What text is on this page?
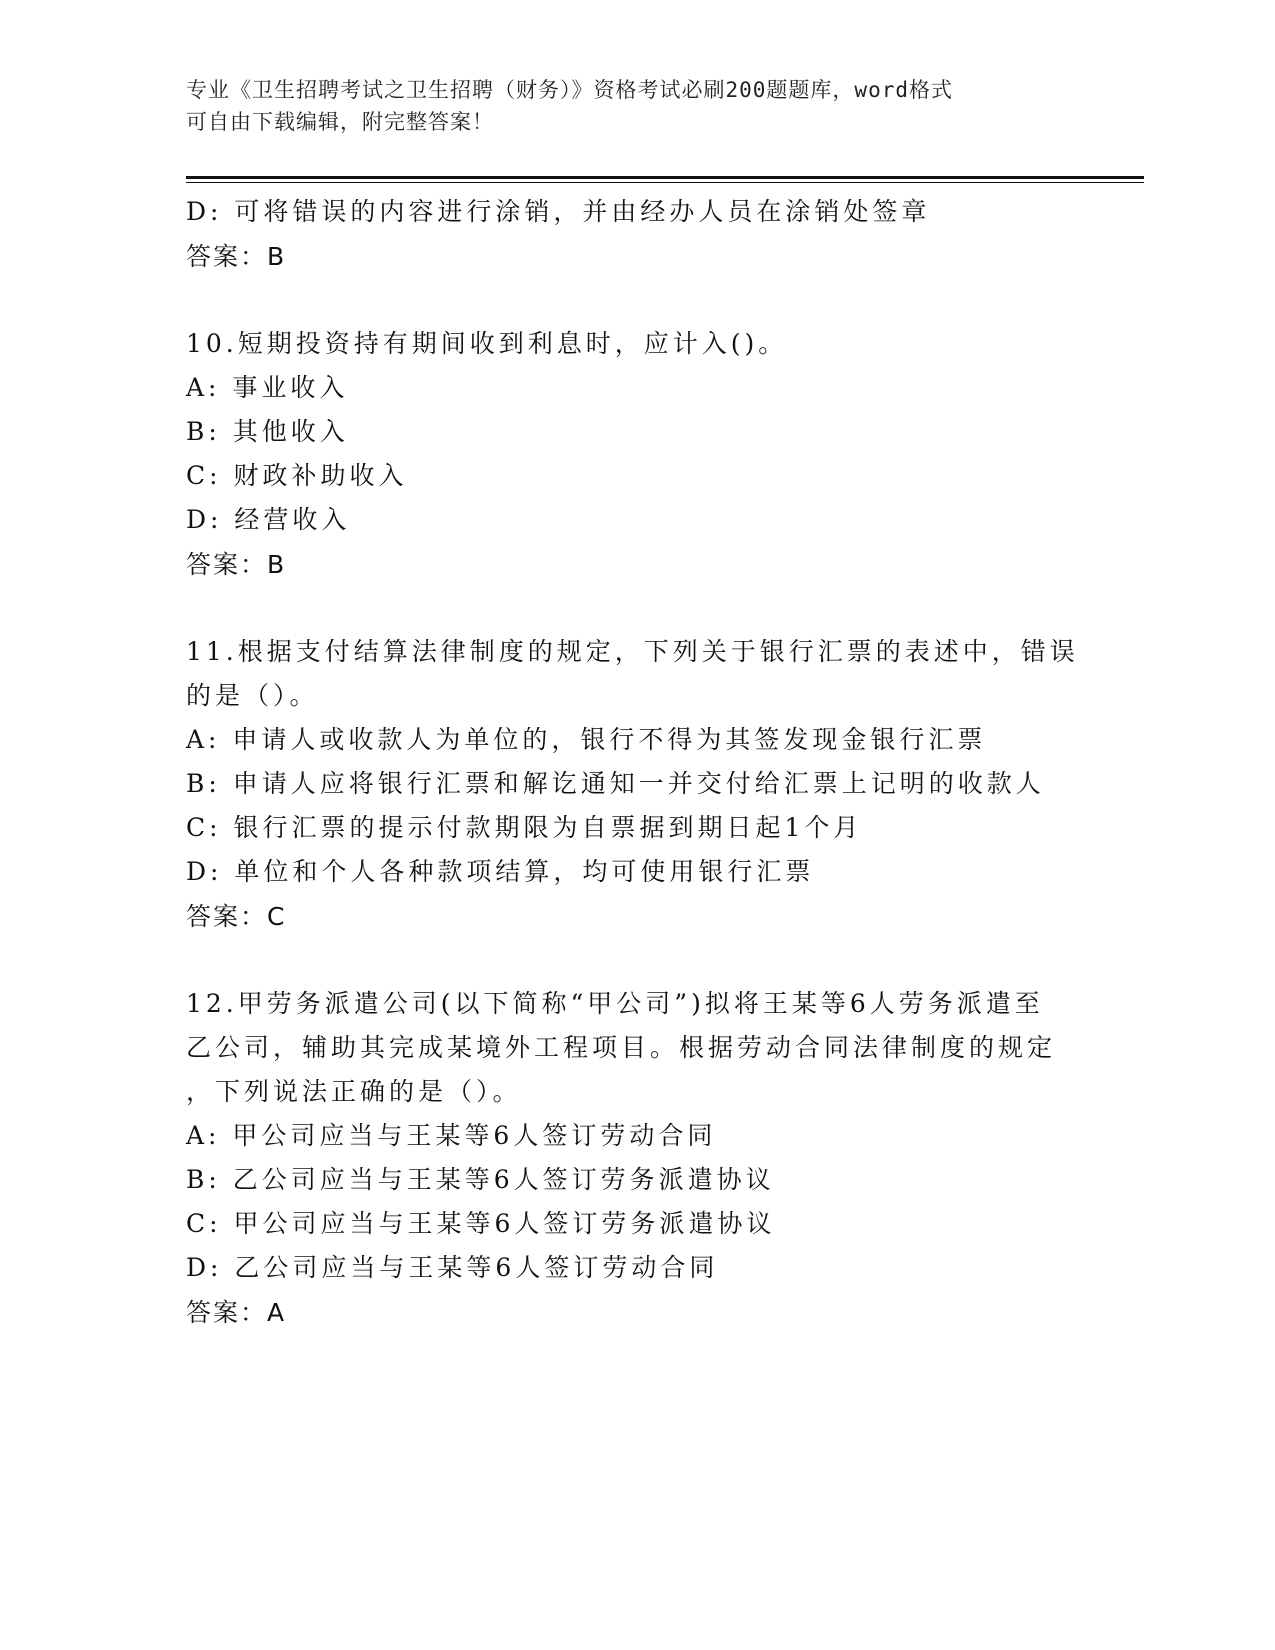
专业《卫生招聘考试之卫生招聘（财务）》资格考试必刷200题题库，word格式
可自由下载编辑，附完整答案！
D: 可将错误的内容进行涂销，并由经办人员在涂销处签章
答案：B
10.短期投资持有期间收到利息时，应计入()。
A: 事业收入
B: 其他收入
C: 财政补助收入
D: 经营收入
答案：B
11.根据支付结算法律制度的规定，下列关于银行汇票的表述中，错误
的是（）。
A: 申请人或收款人为单位的，银行不得为其签发现金银行汇票
B: 申请人应将银行汇票和解讫通知一并交付给汇票上记明的收款人
C: 银行汇票的提示付款期限为自票据到期日起1个月
D: 单位和个人各种款项结算，均可使用银行汇票
答案：C
12.甲劳务派遣公司(以下简称“甲公司”)拟将王某等6人劳务派遣至
乙公司，辅助其完成某境外工程项目。根据劳动合同法律制度的规定
，下列说法正确的是（）。
A: 甲公司应当与王某等6人签订劳动合同
B: 乙公司应当与王某等6人签订劳务派遣协议
C: 甲公司应当与王某等6人签订劳务派遣协议
D: 乙公司应当与王某等6人签订劳动合同
答案：A
